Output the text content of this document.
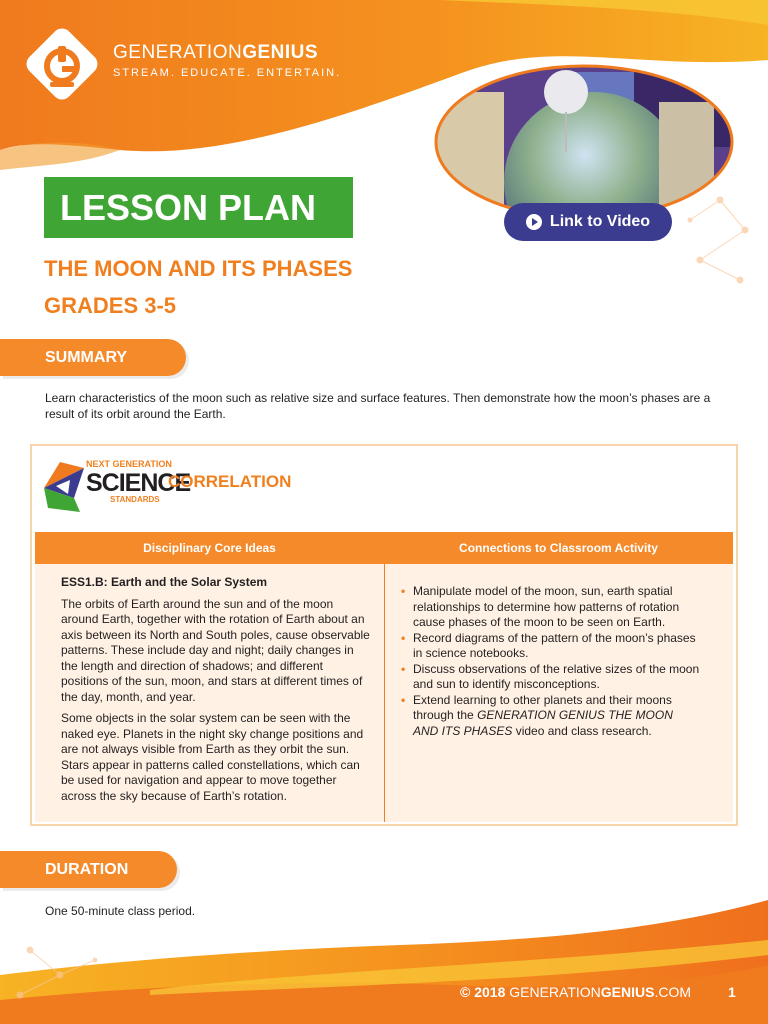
GENERATIONGENIUS
STREAM. EDUCATE. ENTERTAIN.
Link to Video
LESSON PLAN
THE MOON AND ITS PHASES
GRADES 3-5
SUMMARY
Learn characteristics of the moon such as relative size and surface features. Then demonstrate how the moon’s phases are a result of its orbit around the Earth.
NEXT GENERATION
SCIENCE
STANDARDS
CORRELATION
Disciplinary Core Ideas	Connections to Classroom Activity
ESS1.B: Earth and the Solar System

The orbits of Earth around the sun and of the moon around Earth, together with the rotation of Earth about an axis between its North and South poles, cause observable patterns. These include day and night; daily changes in the length and direction of shadows; and different positions of the sun, moon, and stars at different times of the day, month, and year.

Some objects in the solar system can be seen with the naked eye. Planets in the night sky change positions and are not always visible from Earth as they orbit the sun. Stars appear in patterns called constellations, which can be used for navigation and appear to move together across the sky because of Earth’s rotation.

• Manipulate model of the moon, sun, earth spatial relationships to determine how patterns of rotation cause phases of the moon to be seen on Earth.
• Record diagrams of the pattern of the moon’s phases in science notebooks.
• Discuss observations of the relative sizes of the moon and sun to identify misconceptions.
• Extend learning to other planets and their moons through the GENERATION GENIUS THE MOON AND ITS PHASES video and class research.
DURATION
One 50-minute class period.
© 2018 GENERATIONGENIUS.COM	1
